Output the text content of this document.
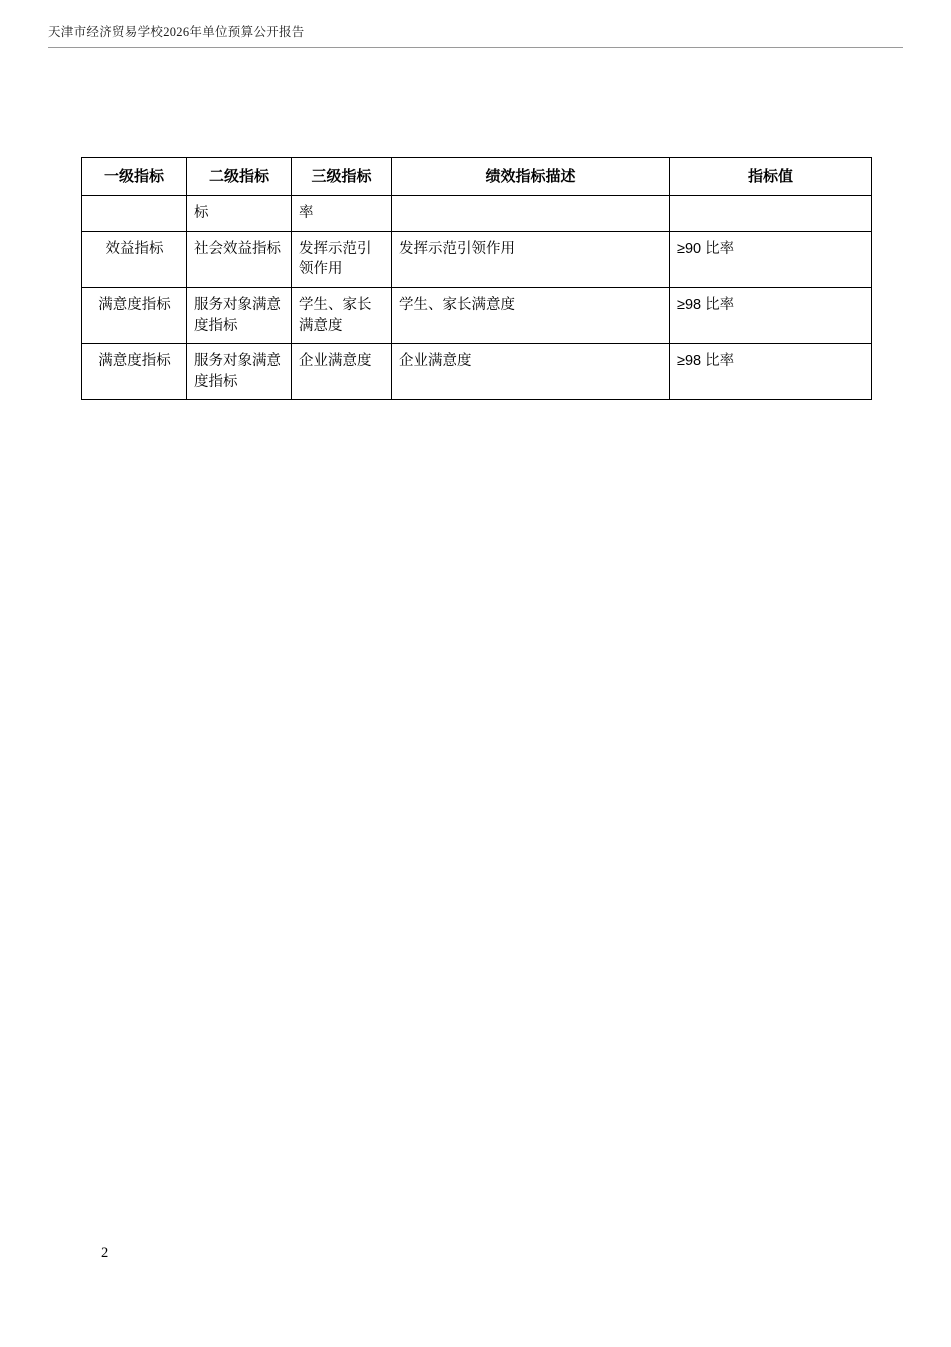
天津市经济贸易学校2026年单位预算公开报告
一级指标	二级指标	三级指标	绩效指标描述	指标值
	标	率		
效益指标	社会效益指标	发挥示范引领作用	发挥示范引领作用	≥90 比率
满意度指标	服务对象满意度指标	学生、家长满意度	学生、家长满意度	≥98 比率
满意度指标	服务对象满意度指标	企业满意度	企业满意度	≥98 比率
2
